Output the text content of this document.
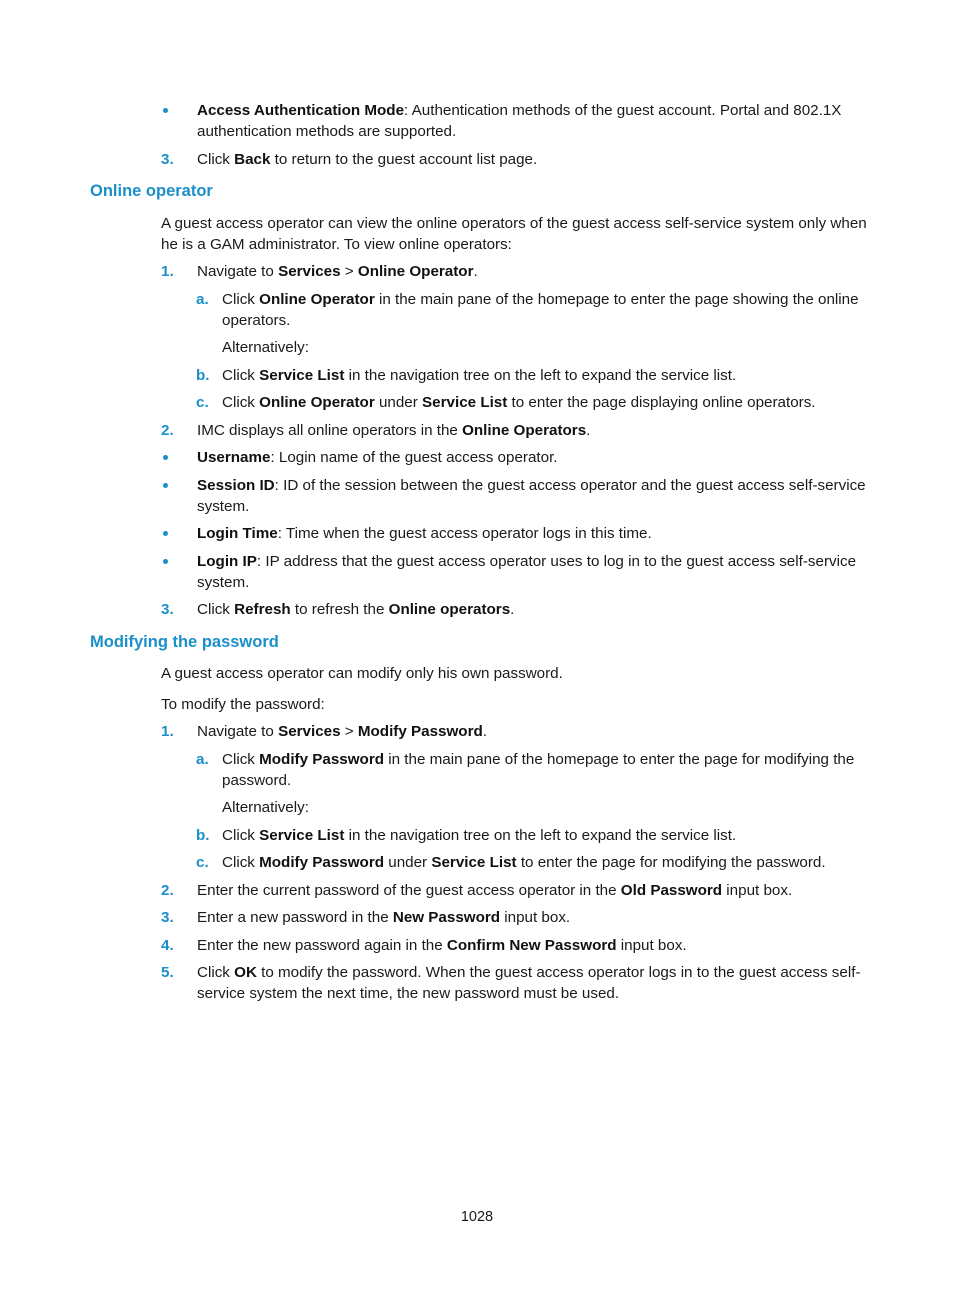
Access Authentication Mode: Authentication methods of the guest account. Portal and 802.1X authentication methods are supported.

3.	Click Back to return to the guest account list page.

Online operator

A guest access operator can view the online operators of the guest access self-service system only when he is a GAM administrator. To view online operators:

1.	Navigate to Services > Online Operator.

a. Click Online Operator in the main pane of the homepage to enter the page showing the online operators.

Alternatively:

b. Click Service List in the navigation tree on the left to expand the service list.

c. Click Online Operator under Service List to enter the page displaying online operators.

2.	IMC displays all online operators in the Online Operators.

Username: Login name of the guest access operator.

Session ID: ID of the session between the guest access operator and the guest access self-service system.

Login Time: Time when the guest access operator logs in this time.

Login IP: IP address that the guest access operator uses to log in to the guest access self-service system.

3.	Click Refresh to refresh the Online operators.

Modifying the password

A guest access operator can modify only his own password.

To modify the password:

1.	Navigate to Services > Modify Password.

a. Click Modify Password in the main pane of the homepage to enter the page for modifying the password.

Alternatively:

b. Click Service List in the navigation tree on the left to expand the service list.

c. Click Modify Password under Service List to enter the page for modifying the password.

2.	Enter the current password of the guest access operator in the Old Password input box.

3.	Enter a new password in the New Password input box.

4.	Enter the new password again in the Confirm New Password input box.

5.	Click OK to modify the password. When the guest access operator logs in to the guest access self-service system the next time, the new password must be used.

1028
